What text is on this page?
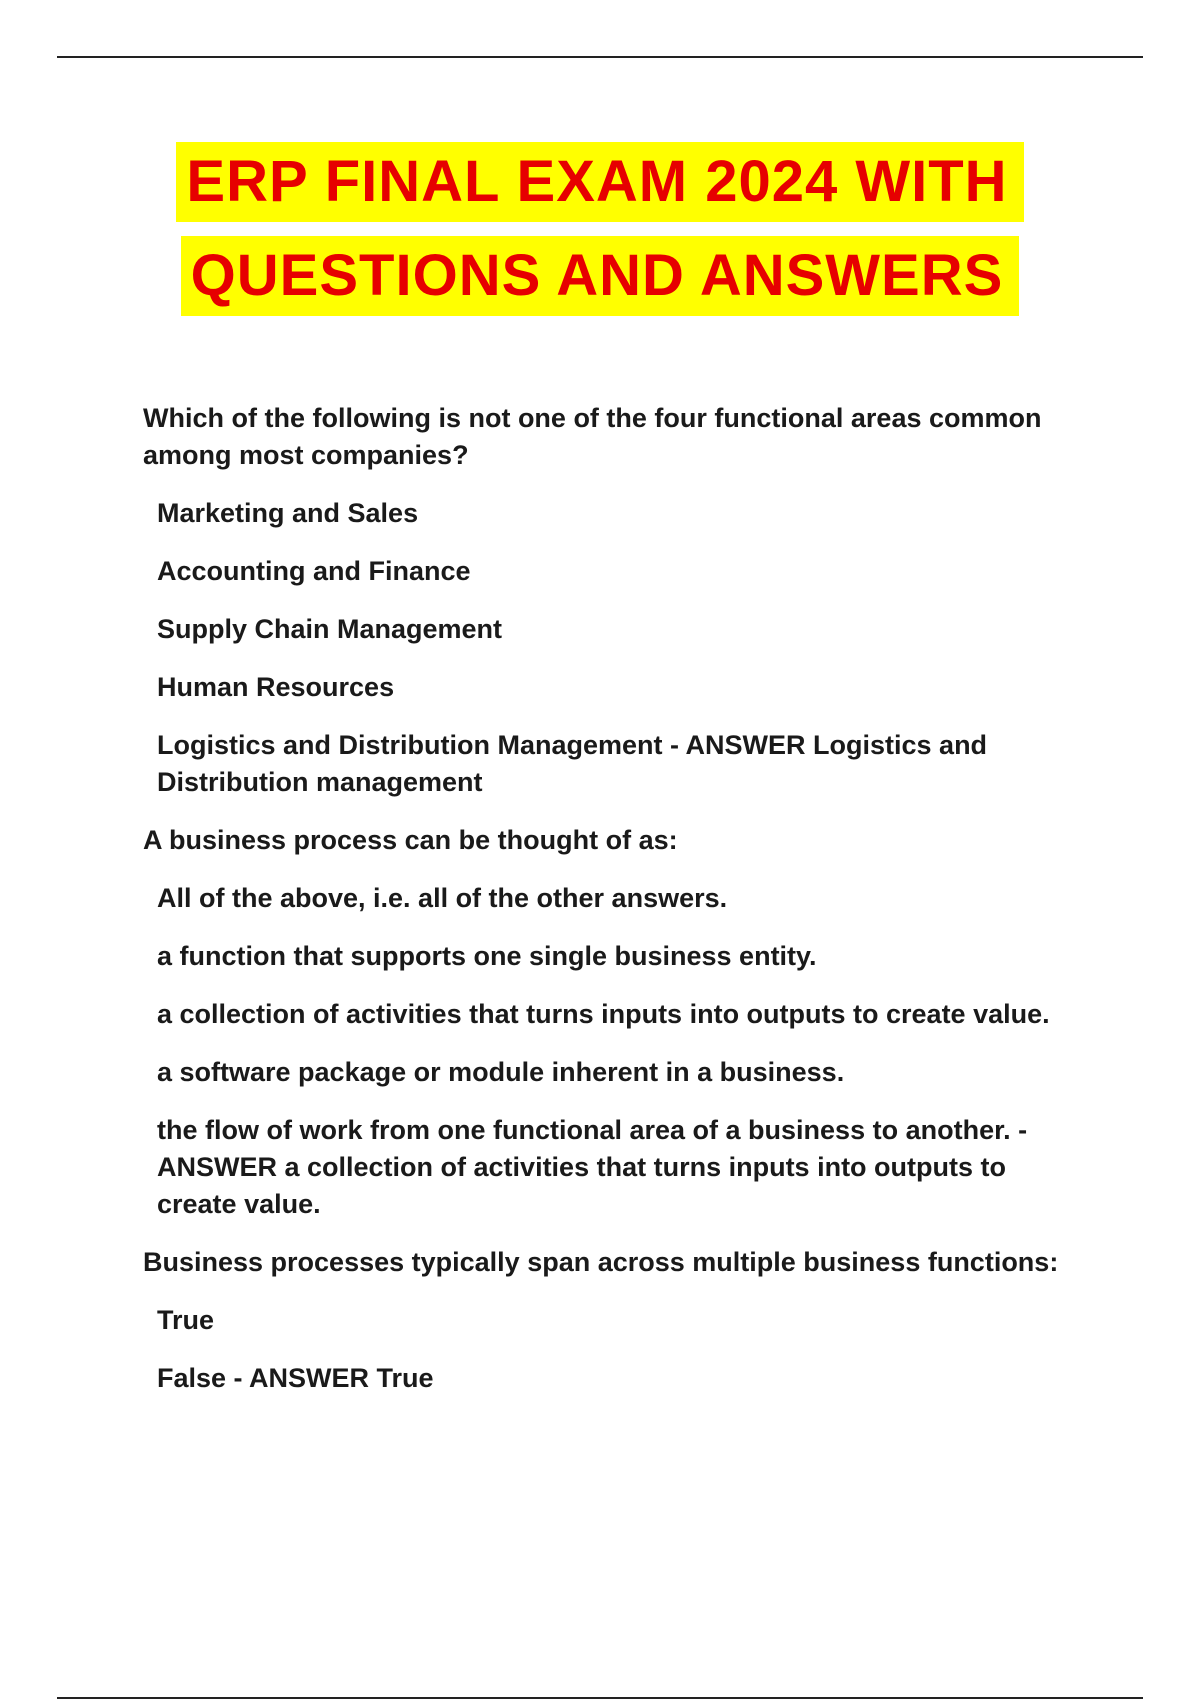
ERP FINAL EXAM 2024 WITH
QUESTIONS AND ANSWERS

Which of the following is not one of the four functional areas common among most companies?

Marketing and Sales

Accounting and Finance

Supply Chain Management

Human Resources

Logistics and Distribution Management - ANSWER Logistics and Distribution management

A business process can be thought of as:

All of the above, i.e. all of the other answers.

a function that supports one single business entity.

a collection of activities that turns inputs into outputs to create value.

a software package or module inherent in a business.

the flow of work from one functional area of a business to another. - ANSWER a collection of activities that turns inputs into outputs to create value.

Business processes typically span across multiple business functions:

True

False - ANSWER True
